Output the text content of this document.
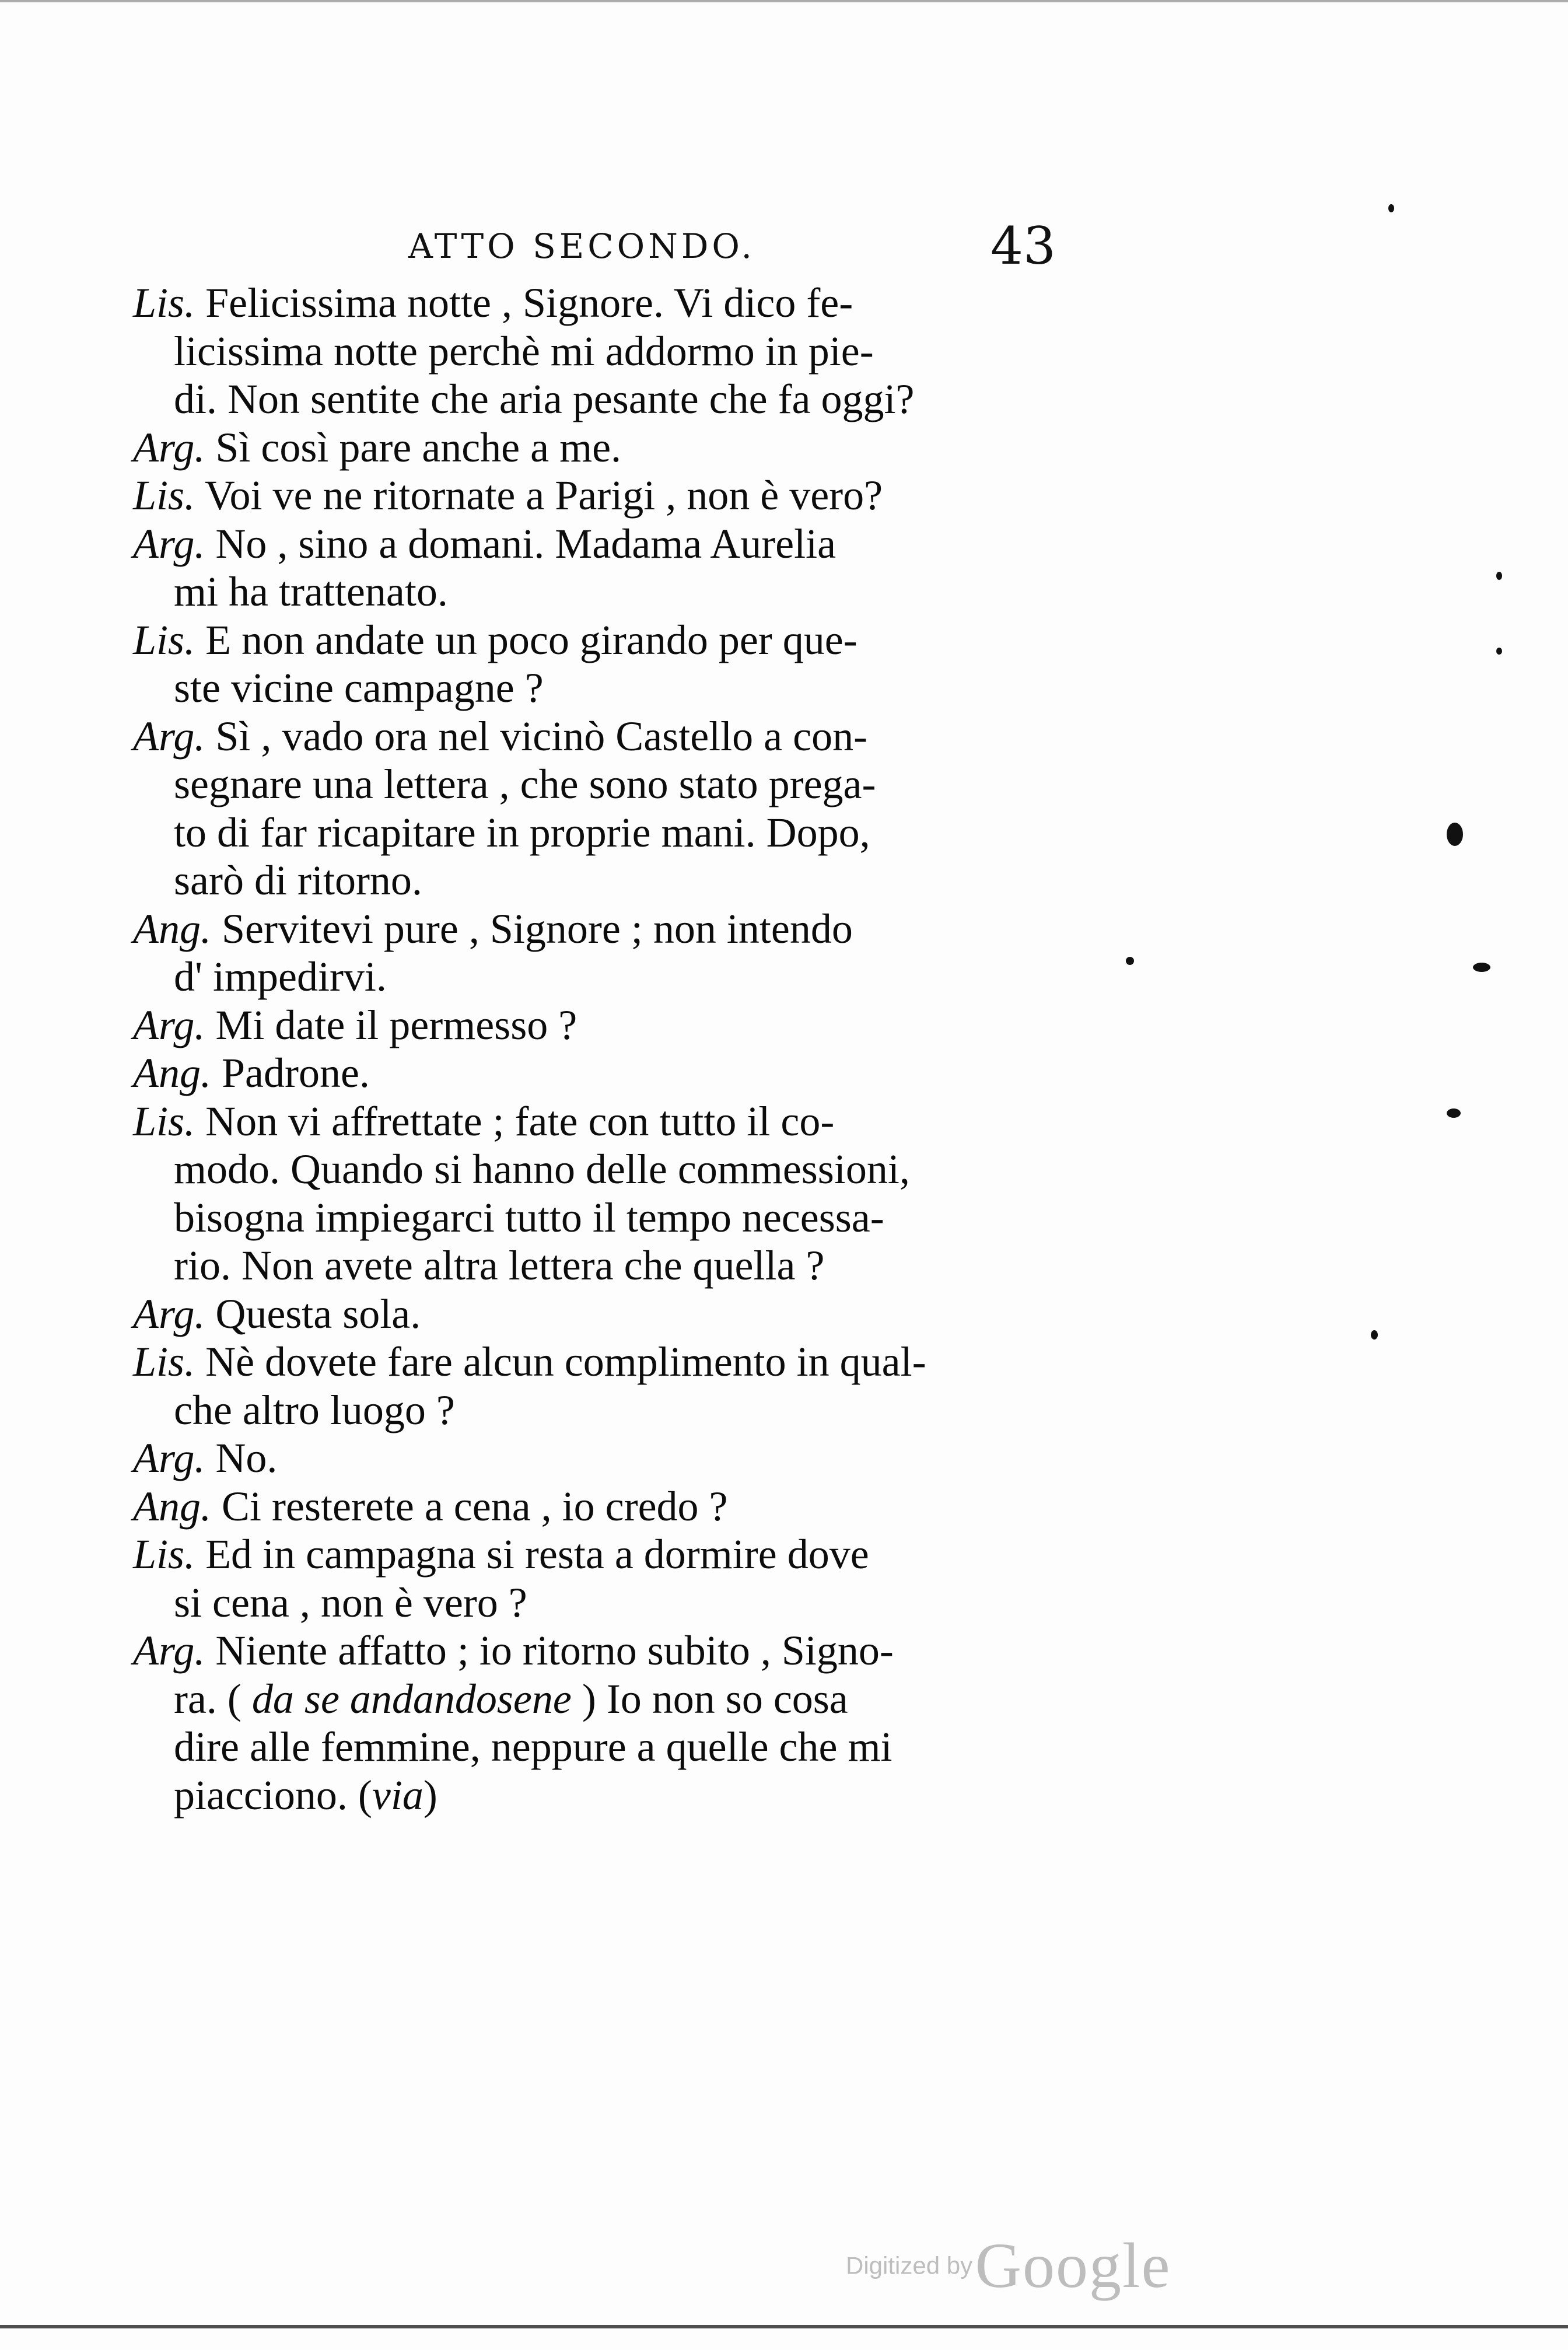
ATTO SECONDO.	43
Lis. Felicissima notte , Signore. Vi dico fe-
licissima notte perchè mi addormo in pie-
di. Non sentite che aria pesante che fa oggi?
Arg. Sì così pare anche a me.
Lis. Voi ve ne ritornate a Parigi , non è vero?
Arg. No , sino a domani. Madama Aurelia
mi ha trattenato.
Lis. E non andate un poco girando per que-
ste vicine campagne ?
Arg. Sì , vado ora nel vicinò Castello a con-
segnare una lettera , che sono stato prega-
to di far ricapitare in proprie mani. Dopo,
sarò di ritorno.
Ang. Servitevi pure , Signore ; non intendo
d' impedirvi.
Arg. Mi date il permesso ?
Ang. Padrone.
Lis. Non vi affrettate ; fate con tutto il co-
modo. Quando si hanno delle commessioni,
bisogna impiegarci tutto il tempo necessa-
rio. Non avete altra lettera che quella ?
Arg. Questa sola.
Lis. Nè dovete fare alcun complimento in qual-
che altro luogo ?
Arg. No.
Ang. Ci resterete a cena , io credo ?
Lis. Ed in campagna si resta a dormire dove
si cena , non è vero ?
Arg. Niente affatto ; io ritorno subito , Signo-
ra. ( da se andandosene ) Io non so cosa
dire alle femmine, neppure a quelle che mi
piacciono. (via)
Digitized by Google
